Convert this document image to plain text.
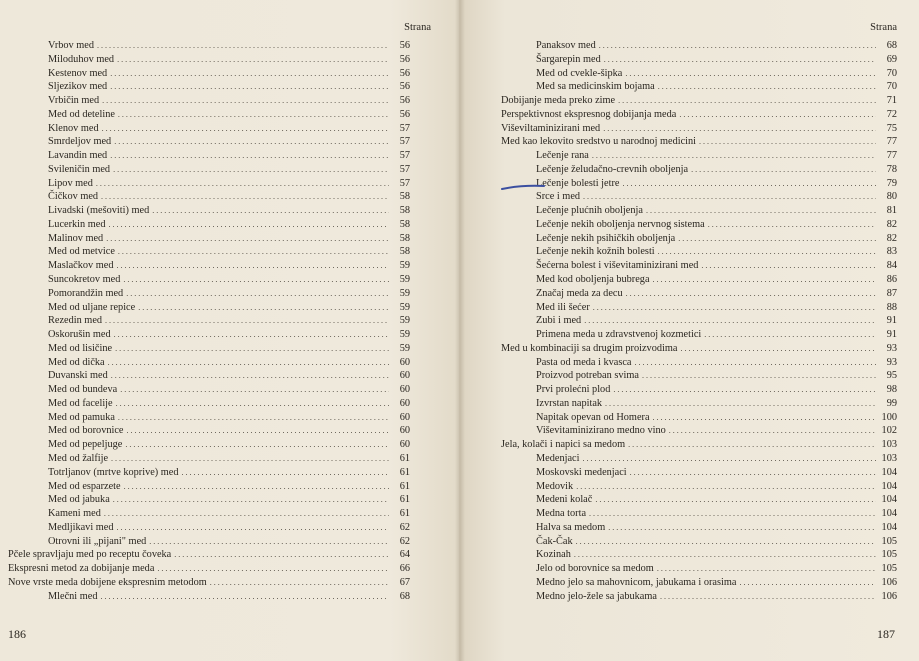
Strana
Vrbov med .....	56
Miloduhov med .....	56
Kestenov med .....	56
Sljezikov med .....	56
Vrbičin med .....	56
Med od deteline .....	56
Klenov med .....	57
Smrdeljov med .....	57
Lavandin med .....	57
Svileničin med .....	57
Lipov med .....	57
Čičkov med .....	58
Livadski (mešoviti) med .....	58
Lucerkin med .....	58
Malinov med .....	58
Med od metvice .....	58
Maslačkov med .....	59
Suncokretov med .....	59
Pomorandžin med .....	59
Med od uljane repice .....	59
Rezedin med .....	59
Oskorušin med .....	59
Med od lisičine .....	59
Med od dička .....	60
Duvanski med .....	60
Med od bundeva .....	60
Med od facelije .....	60
Med od pamuka .....	60
Med od borovnice .....	60
Med od pepeljuge .....	60
Med od žalfije .....	61
Totrljanov (mrtve koprive) med .....	61
Med od esparzete .....	61
Med od jabuka .....	61
Kameni med .....	61
Medljikavi med .....	62
Otrovni ili „pijani" med .....	62
Pčele spravljaju med po receptu čoveka .....	64
Ekspresni metod za dobijanje meda .....	66
Nove vrste meda dobijene ekspresnim metodom .....	67
Mlečni med .....	68
186
Strana
Panaksov med .....	68
Šargarepin med .....	69
Med od cvekle-šipka .....	70
Med sa medicinskim bojama .....	70
Dobijanje meda preko zime .....	71
Perspektivnost ekspresnog dobijanja meda .....	72
Viševiltaminizirani med .....	75
Med kao lekovito sredstvo u narodnoj medicini .....	77
Lečenje rana .....	77
Lečenje želudačno-crevnih oboljenja .....	78
Lečenje bolesti jetre .....	79
Srce i med .....	80
Lečenje plućnih oboljenja .....	81
Lečenje nekih oboljenja nervnog sistema .....	82
Lečenje nekih psihičkih oboljenja .....	82
Lečenje nekih kožnih bolesti .....	83
Šećerna bolest i viševitaminizirani med .....	84
Med kod oboljenja bubrega .....	86
Značaj meda za decu .....	87
Med ili šećer .....	88
Zubi i med .....	91
Primena meda u zdravstvenoj kozmetici .....	91
Med u kombinaciji sa drugim proizvodima .....	93
Pasta od meda i kvasca .....	93
Proizvod potreban svima .....	95
Prvi prolećni plod .....	98
Izvrstan napitak .....	99
Napitak opevan od Homera .....	100
Viševitaminizirano medno vino .....	102
Jela, kolači i napici sa medom .....	103
Medenjaci .....	103
Moskovski medenjaci .....	104
Medovik .....	104
Medeni kolač .....	104
Medna torta .....	104
Halva sa medom .....	104
Čak-Čak .....	105
Kozinah .....	105
Jelo od borovnice sa medom .....	105
Medno jelo sa mahovnicom, jabukama i orasima .....	106
Medno jelo-žele sa jabukama .....	106
187
